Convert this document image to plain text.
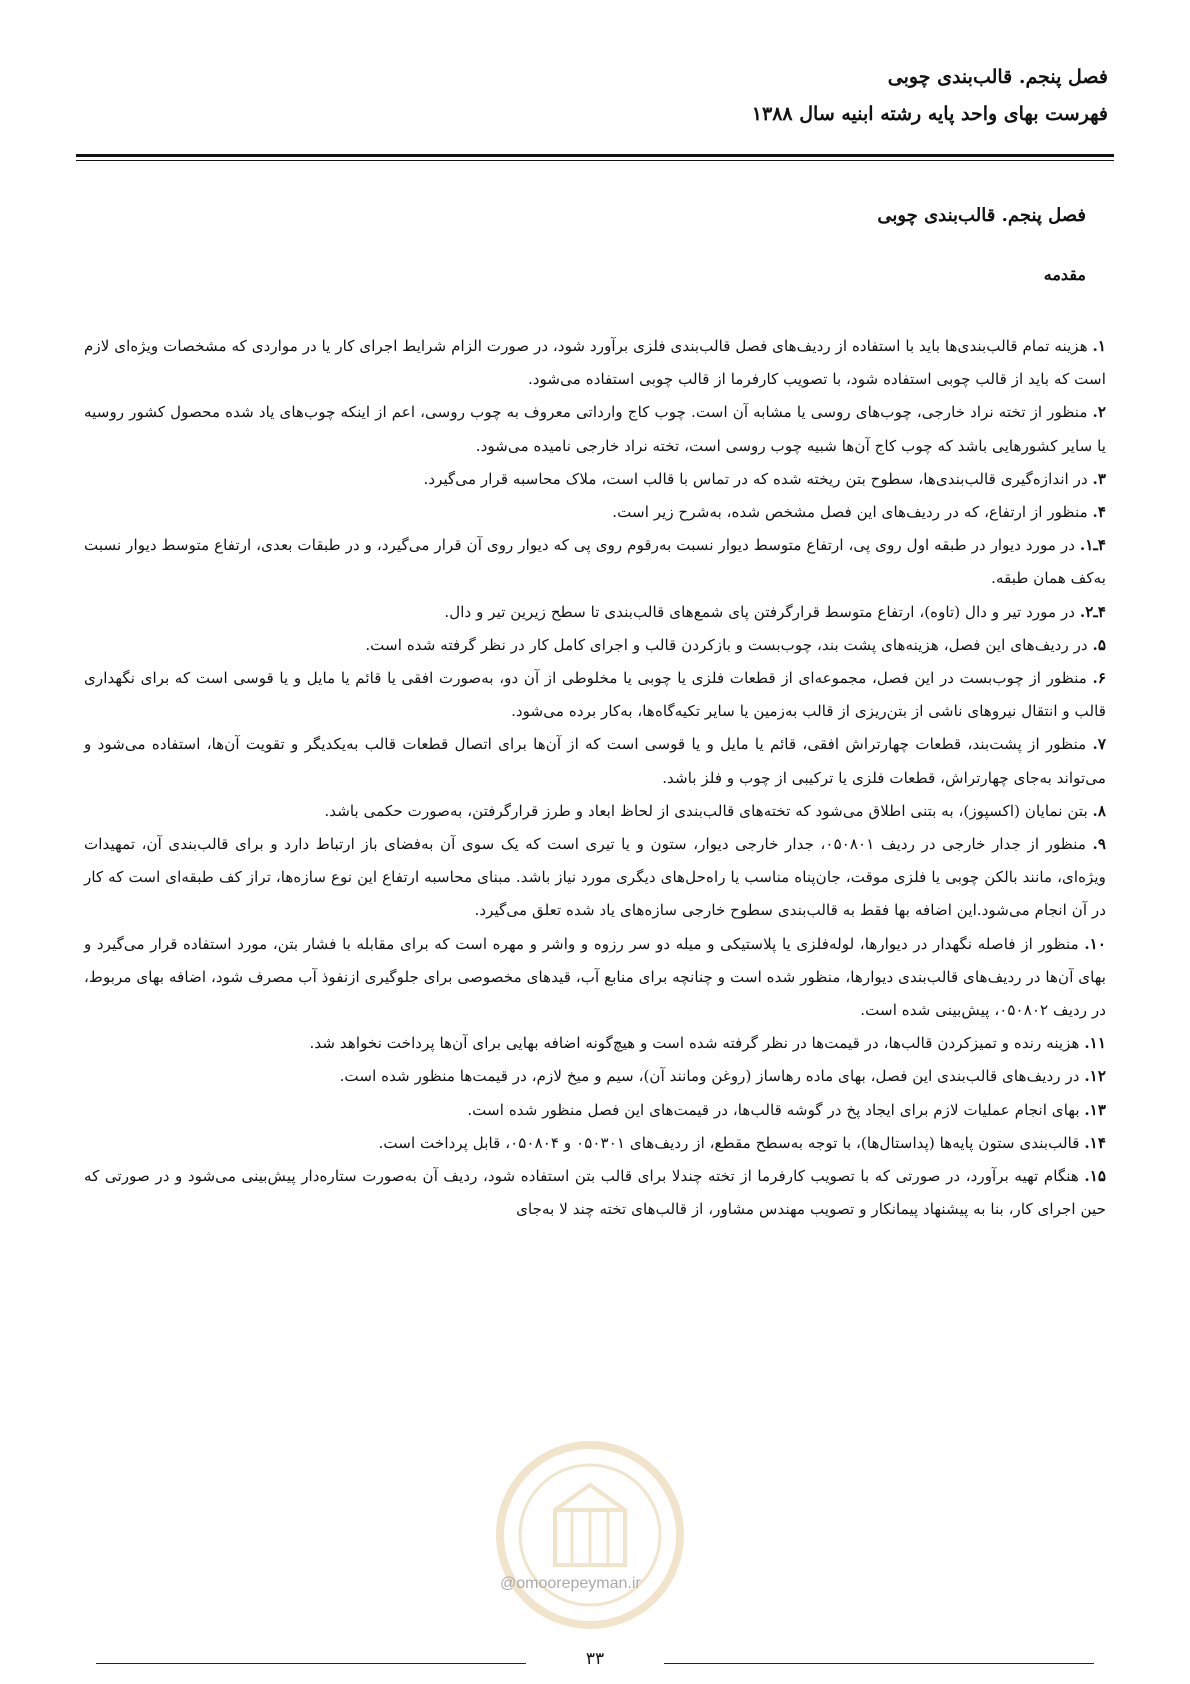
فصل پنجم. قالب‌بندی چوبی
فهرست بهای واحد پایه رشته ابنیه سال ۱۳۸۸
فصل پنجم. قالب‌بندی چوبی
مقدمه

۱. هزینه تمام قالب‌بندی‌ها باید با استفاده از ردیف‌های فصل قالب‌بندی فلزی برآورد شود، در صورت الزام شرایط اجرای کار یا در مواردی که مشخصات ویژه‌ای لازم است که باید از قالب چوبی استفاده شود، با تصویب کارفرما از قالب چوبی استفاده می‌شود.

۲. منظور از تخته نراد خارجی، چوب‌های روسی یا مشابه آن است. چوب کاج وارداتی معروف به چوب روسی، اعم از اینکه چوب‌های یاد شده محصول کشور روسیه یا سایر کشورهایی باشد که چوب کاج آن‌ها شبیه چوب روسی است، تخته نراد خارجی نامیده می‌شود.

۳. در اندازه‌گیری قالب‌بندی‌ها، سطوح بتن ریخته شده که در تماس با قالب است، ملاک محاسبه قرار می‌گیرد.

۴. منظور از ارتفاع، که در ردیف‌های این فصل مشخص شده، به‌شرح زیر است.

۴ـ۱. در مورد دیوار در طبقه اول روی پی، ارتفاع متوسط دیوار نسبت به‌رقوم روی پی که دیوار روی آن قرار می‌گیرد، و در طبقات بعدی، ارتفاع متوسط دیوار نسبت به‌کف همان طبقه.

۴ـ۲. در مورد تیر و دال (تاوه)، ارتفاع متوسط قرارگرفتن پای شمع‌های قالب‌بندی تا سطح زیرین تیر و دال.

۵. در ردیف‌های این فصل، هزینه‌های پشت بند، چوب‌بست و بازکردن قالب و اجرای کامل کار در نظر گرفته شده است.

۶. منظور از چوب‌بست در این فصل، مجموعه‌ای از قطعات فلزی یا چوبی یا مخلوطی از آن دو، به‌صورت افقی یا قائم یا مایل و یا قوسی است که برای نگهداری قالب و انتقال نیروهای ناشی از بتن‌ریزی از قالب به‌زمین یا سایر تکیه‌گاه‌ها، به‌کار برده می‌شود.

۷. منظور از پشت‌بند، قطعات چهارتراش افقی، قائم یا مایل و یا قوسی است که از آن‌ها برای اتصال قطعات قالب به‌یکدیگر و تقویت آن‌ها، استفاده می‌شود و می‌تواند به‌جای چهارتراش، قطعات فلزی یا ترکیبی از چوب و فلز باشد.

۸. بتن نمایان (اکسپوز)، به بتنی اطلاق می‌شود که تخته‌های قالب‌بندی از لحاظ ابعاد و طرز قرارگرفتن، به‌صورت حکمی باشد.

۹. منظور از جدار خارجی در ردیف ۰۵۰۸۰۱، جدار خارجی دیوار، ستون و یا تیری است که یک سوی آن به‌فضای باز ارتباط دارد و برای قالب‌بندی آن، تمهیدات ویژه‌ای، مانند بالکن چوبی یا فلزی موقت، جان‌پناه مناسب یا راه‌حل‌های دیگری مورد نیاز باشد. مبنای محاسبه ارتفاع این نوع سازه‌ها، تراز کف طبقه‌ای است که کار در آن انجام می‌شود.این اضافه بها فقط به قالب‌بندی سطوح خارجی سازه‌های یاد شده تعلق می‌گیرد.

۱۰. منظور از فاصله نگهدار در دیوارها، لوله‌فلزی یا پلاستیکی و میله دو سر رزوه و واشر و مهره است که برای مقابله با فشار بتن، مورد استفاده قرار می‌گیرد و بهای آن‌ها در ردیف‌های قالب‌بندی دیوارها، منظور شده است و چنانچه برای منابع آب، قیدهای مخصوصی برای جلوگیری ازنفوذ آب مصرف شود، اضافه بهای مربوط، در ردیف ۰۵۰۸۰۲، پیش‌بینی شده است.

۱۱. هزینه رنده و تمیزکردن قالب‌ها، در قیمت‌ها در نظر گرفته شده است و هیچ‌گونه اضافه بهایی برای آن‌ها پرداخت نخواهد شد.

۱۲. در ردیف‌های قالب‌بندی این فصل، بهای ماده رهاساز (روغن ومانند آن)، سیم و میخ لازم، در قیمت‌ها منظور شده است.

۱۳. بهای انجام عملیات لازم برای ایجاد پخ در گوشه قالب‌ها، در قیمت‌های این فصل منظور شده است.

۱۴. قالب‌بندی ستون پایه‌ها (پداستال‌ها)، با توجه به‌سطح مقطع، از ردیف‌های ۰۵۰۳۰۱ و ۰۵۰۸۰۴، قابل پرداخت است.

۱۵. هنگام تهیه برآورد، در صورتی که با تصویب کارفرما از تخته چندلا برای قالب بتن استفاده شود، ردیف آن به‌صورت ستاره‌دار پیش‌بینی می‌شود و در صورتی که حین اجرای کار، بنا به پیشنهاد پیمانکار و تصویب مهندس مشاور، از قالب‌های تخته چند لا به‌جای

@omoorepeyman.ir
۳۳
